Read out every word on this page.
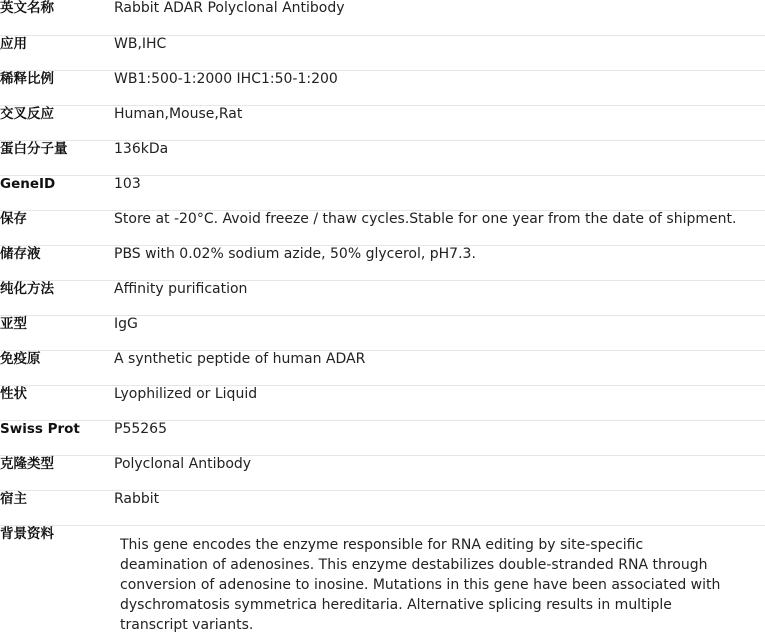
英文名称	Rabbit ADAR Polyclonal Antibody
应用	WB,IHC
稀释比例	WB1:500-1:2000 IHC1:50-1:200
交叉反应	Human,Mouse,Rat
蛋白分子量	136kDa
GeneID	103
保存	Store at -20°C. Avoid freeze / thaw cycles.Stable for one year from the date of shipment.
储存液	PBS with 0.02% sodium azide, 50% glycerol, pH7.3.
纯化方法	Affinity purification
亚型	IgG
免疫原	A synthetic peptide of human ADAR
性状	Lyophilized or Liquid
Swiss Prot	P55265
克隆类型	Polyclonal Antibody
宿主	Rabbit
背景资料	This gene encodes the enzyme responsible for RNA editing by site-specific deamination of adenosines. This enzyme destabilizes double-stranded RNA through conversion of adenosine to inosine. Mutations in this gene have been associated with dyschromatosis symmetrica hereditaria. Alternative splicing results in multiple transcript variants.
